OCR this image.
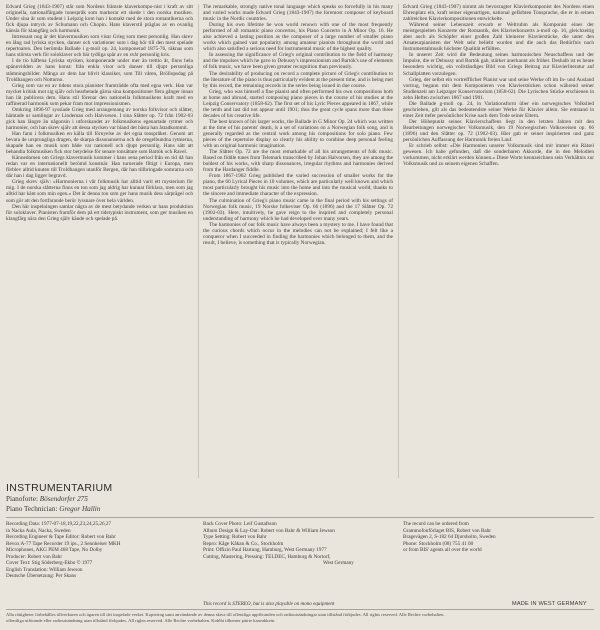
Edvard Grieg (1843-1907) står som Nordens främste klaverkompo-nist i kraft av sitt originella, nationalfärgade tonespråk som markerar ett skede i den norska musiken. Under sina år som student i Leipzig kom han i kontakt med de stora romantikerna och fick djupa intryck av Schumann och Chopin. Hans klaverstil präglas av en ovanlig känsla för klangfärg och harmonik.

Intressant nog är det klavermusiken som visar Grieg som mest personlig. Han skrev en lång rad lyriska stycken, danser och variationer som i dag hör till den mest spelade repertoaren. Den berömda Ballade i g-moll op. 24, komponerad 1875-76, räknas som hans största verk för soloklaver och bär tydliga spår av en svår personlig kris.

I de tio häftena Lyriska stycken, komponerade under mer än trettio år, finns hela spännvidden av hans konst: från enkla visor och danser till djupt personliga stämningsbilder. Många av dem har blivit klassiker, som Till våren, Bröllopsdag på Troldhaugen och Notturno.

Grieg som var en av tidens stora pianister framträdde ofta med egna verk. Han var mycket kritisk mot sig själv och bearbetade gärna sina kompositioner flera gånger innan han lät publicera dem. Hans stil förenar den nationella folkmusikens kraft med en raffinerad harmonik som pekar fram mot impressionismen.

Omkring 1896-97 sysslade Grieg med arrangemang av norska folkvisor och slåtter, hämtade ur samlingar av Lindeman och Halvorsen. I sina Slåtter op. 72 från 1902-03 gick han längre än någonsin i utforskandet av folkmusikens egenartade rytmer och harmonier, och han skrev själv att dessa stycken var bland det bästa han åstadkommit.

Han fann i folkmusiken en källa till förnyelse av det egna tonspråket. Genom att bevara de ursprungliga dragen, de skarpa dissonanserna och de oregelbundna rytmerna, skapade han en musik som både var nationell och djupt personlig. Hans sätt att behandla folkmusiken fick stor betydelse för senare tonsättare som Bartók och Ravel.

Kännedomen om Griegs klavermusik kommer i hans sena period från en tid då han redan var en internationellt berömd konstnär. Han turnerade flitigt i Europa, men förblev alltid knuten till Troldhaugen utanför Bergen, där han tillbringade somrarna och där han i dag ligger begravd.

Grieg skrev själv: »Harmonierna i vår folkmusik har alltid varit ett mysterium för mig. I de norska slåtterna finns en ton som jag aldrig har kunnat förklara, men som jag alltid har känt som min egen.« Det är denna ton som ger hans musik dess särprägel och som gör att den fortfarande berör lyssnare över hela världen.

Den här inspelningen samlar några av de mest betydande verken ur hans produktion för soloklaver. Pianisten framför dem på ett tidstypiskt instrument, som ger musiken en klangfärg nära den Grieg själv kände och spelade på.

The remarkable, strongly native tonal language which speaks so forcefully in his many and varied works made Edvard Grieg (1843-1907) the foremost composer of keyboard music in the Nordic countries.

During his own lifetime he won world renown with one of the most frequently performed of all romantic piano concertos, his Piano Concerto in A Minor Op. 16. He also achieved a lasting position as the composer of a large number of smaller piano works which gained vast popularity among amateur pianists throughout the world and which also satisfied a serious need for instrumental music of the highest quality.

In assessing the significance of Grieg's original contribution to the field of harmony and the impulses which he gave to Debussy's impressionism and Bartók's use of elements of folk music, we have been given greater recognition than previously.

The desirability of producing on record a complete picture of Grieg's contribution to the literature of the piano is thus particularly evident at the present time, and is being met by this record, the remaining records in the series being issued in due course.

Grieg, who was himself a fine pianist and often performed his own compositions both at home and abroad, started composing piano pieces in the course of his studies at the Leipzig Conservatory (1858-62). The first set of his Lyric Pieces appeared in 1867, while the tenth and last did not appear until 1901; thus the great cycle spans more than three decades of his creative life.

The best known of his larger works, the Ballade in G Minor Op. 24 which was written at the time of his parents' death, is a set of variations on a Norwegian folk song, and is generally regarded as the central work among his compositions for solo piano. Few pieces of the repertoire display so clearly his ability to combine deep personal feeling with an original harmonic imagination.

The Slåtter Op. 72 are the most remarkable of all his arrangements of folk music. Based on fiddle tunes from Telemark transcribed by Johan Halvorsen, they are among the boldest of his works, with sharp dissonances, irregular rhythms and harmonies derived from the Hardanger fiddle.

From 1867-1902 Grieg published the varied succession of smaller works for the piano, the 66 Lyrical Pieces in 10 volumes, which are particularly well known and which most particularly brought his music into the home and into the musical world, thanks to the sincere and immediate character of the expression.

The culmination of Grieg's piano music came in the final period with his settings of Norwegian folk music, 19 Norske folkeviser Op. 66 (1896) and the 17 Slåtter Op. 72 (1902-03). Here, intuitively, he gave reign to the inspired and completely personal understanding of harmony which he had developed over many years.

The harmonies of our folk music have always been a mystery to me. I have found that the curious chords which occur in the melodies can not be explained; I felt like a conqueror when I succeeded in finding the harmonies which belonged to them, and the result, I believe, is something that is typically Norwegian.

Edvard Grieg (1843-1907) nimmt als bevorzugter Klavierkomponist des Nordens einen Ehrenplatz ein, kraft seiner eigenartigen, national gefärbten Tonsprache, die er in seinen zahlreichen Klavierkompositionen entwickelte.

Während seiner Lebenszeit erwarb er Weltruhm als Komponist eines der meistgespielten Konzerte der Romantik, des Klavierkonzerts a-moll op. 16, gleichzeitig aber auch als Schöpfer einer großen Zahl kleinerer Klavierstücke, die unter den Amateurpianisten der Welt sehr beliebt wurden und die auch das Bedürfnis nach Instrumentalmusik höchster Qualität erfüllten.

In unserer Zeit wird die Bedeutung seines harmonischen Neuschaffens und der Impulse, die er Debussy und Bartók gab, stärker anerkannt als früher. Deshalb ist es heute besonders wichtig, ein vollständiges Bild von Griegs Beitrag zur Klavierliteratur auf Schallplatten vorzulegen.

Grieg, der selbst ein vortrefflicher Pianist war und seine Werke oft im In- und Ausland vortrug, begann mit dem Komponieren von Klavierstücken schon während seiner Studienzeit am Leipziger Konservatorium (1858-62). Die Lyrischen Stücke erschienen in zehn Heften zwischen 1867 und 1901.

Die Ballade g-moll op. 24, in Variationsform über ein norwegisches Volkslied geschrieben, gilt als das bedeutendste seiner Werke für Klavier allein. Sie entstand in einer Zeit tiefer persönlicher Krise nach dem Tode seiner Eltern.

Der Höhepunkt seines Klavierschaffens liegt in den letzten Jahren mit den Bearbeitungen norwegischer Volksmusik, den 19 Norwegischen Volksweisen op. 66 (1896) und den Slåtter op. 72 (1902-03). Hier gab er seiner inspirierten und ganz persönlichen Auffassung der Harmonik freien Lauf.

Er schrieb selbst: »Die Harmonien unserer Volksmusik sind mir immer ein Rätsel gewesen. Ich habe gefunden, daß die sonderbaren Akkorde, die in den Melodien vorkommen, nicht erklärt werden können.« Diese Worte kennzeichnen sein Verhältnis zur Volksmusik und zu seinem eigenen Schaffen.

INSTRUMENTARIUM
Pianoforte: Bösendorfer 275
Piano Technician: Gregor Hallin
Recording Data: 1977-07-18,19,22,23,24,25,26,27
in Nacka Aula, Nacka, Sweden
Recording Engineer & Tape Editor: Robert von Bahr
Revox A-77 Tape Recorder 19 ips., 2 Sennheiser MKH
Microphones, AKG PEM 468 Tape, No Dolby
Producer: Robert von Bahr
Cover Text: Stig Söderberg-Ekbo © 1977
English Translation: William Jewson
Deutsche Übersetzung: Per Skans
Back Cover Photo: Leif Gustafsson
Album Design & Lay-Out: Robert von Bahr & William Jewson
Type Setting: Robert von Bahr
Repro: Kåge Kåkan & Co., Stockholm
Print: Offizin Paul Hartung, Hamburg, West Germany 1977
Cutting, Mastering, Pressing: TELDEC, Hamburg & Nortorf,
West Germany
The record can be ordered from
Grammofonförlaget BIS, Robert von Bahr
Bragevägen 2, S-182 64 Djursholm, Sweden
Phone: Stockholm (08) 755 41 00
or from BIS' agents all over the world
This record is STEREO, but is also playable on mono equipment	MADE IN WEST GERMANY
Alla rättigheter förbehålles tillverkaren och ägaren till det inspelade verket. Kopiering samt användande av denna skiva till offentliga uppföranden och radioutsändningar utan tillstånd förbjudes. All rights reserved. Alle Rechte vorbehalten.
offentliga utförande eller radioutsändning utan tillstånd förbjudes. All rights reserved. Alle Rechte vorbehalten. Kohlhi tilhenter päirte kaavakkein.
